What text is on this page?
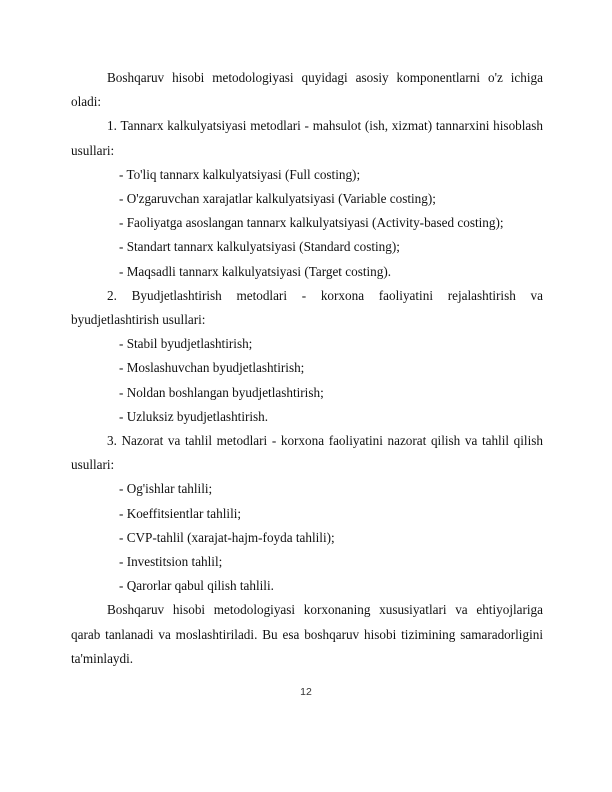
Boshqaruv hisobi metodologiyasi quyidagi asosiy komponentlarni o'z ichiga oladi:

1. Tannarx kalkulyatsiyasi metodlari - mahsulot (ish, xizmat) tannarxini hisoblash usullari:

- To'liq tannarx kalkulyatsiyasi (Full costing);

- O'zgaruvchan xarajatlar kalkulyatsiyasi (Variable costing);

- Faoliyatga asoslangan tannarx kalkulyatsiyasi (Activity-based costing);

- Standart tannarx kalkulyatsiyasi (Standard costing);

- Maqsadli tannarx kalkulyatsiyasi (Target costing).

2. Byudjetlashtirish metodlari - korxona faoliyatini rejalashtirish va byudjetlashtirish usullari:

- Stabil byudjetlashtirish;

- Moslashuvchan byudjetlashtirish;

- Noldan boshlangan byudjetlashtirish;

- Uzluksiz byudjetlashtirish.

3. Nazorat va tahlil metodlari - korxona faoliyatini nazorat qilish va tahlil qilish usullari:

- Og'ishlar tahlili;

- Koeffitsientlar tahlili;

- CVP-tahlil (xarajat-hajm-foyda tahlili);

- Investitsion tahlil;

- Qarorlar qabul qilish tahlili.

Boshqaruv hisobi metodologiyasi korxonaning xususiyatlari va ehtiyojlariga qarab tanlanadi va moslashtiriladi. Bu esa boshqaruv hisobi tizimining samaradorligini ta'minlaydi.

12
